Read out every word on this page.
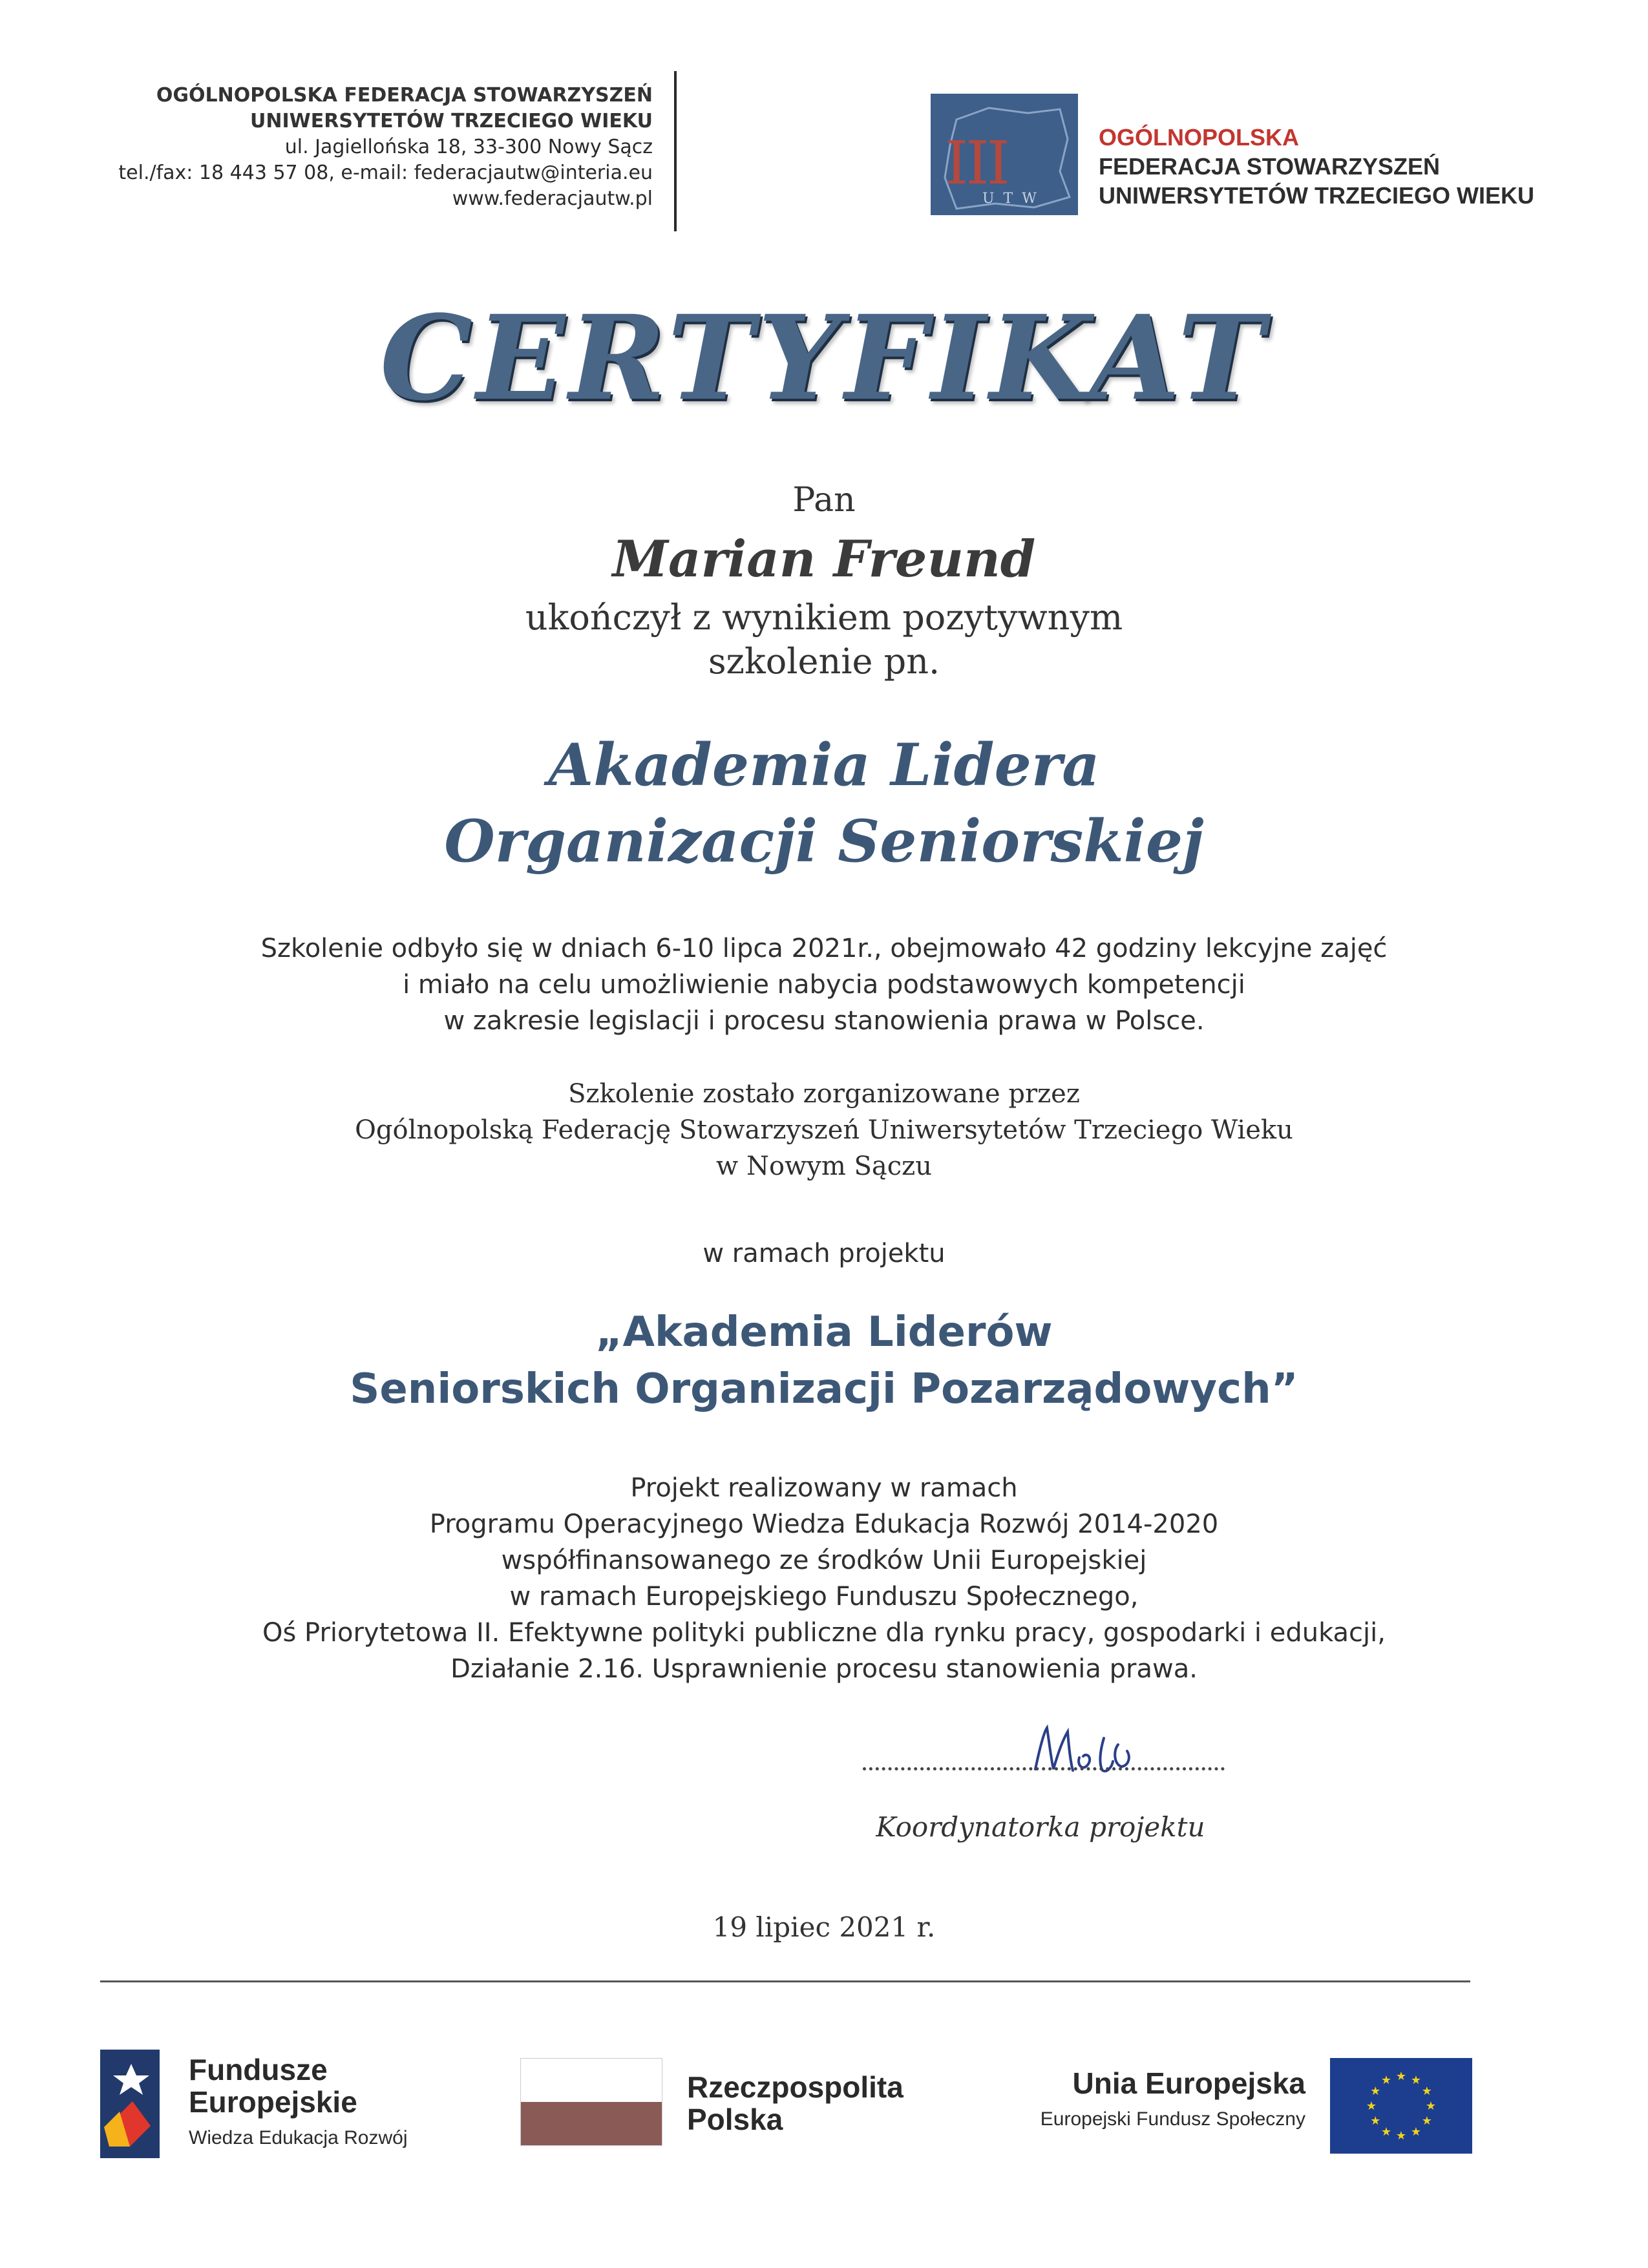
OGÓLNOPOLSKA FEDERACJA STOWARZYSZEŃ
UNIWERSYTETÓW TRZECIEGO WIEKU
ul. Jagiellońska 18, 33-300 Nowy Sącz
tel./fax: 18 443 57 08, e-mail: federacjautw@interia.eu
www.federacjautw.pl
III
UTW
OGÓLNOPOLSKA
FEDERACJA STOWARZYSZEŃ
UNIWERSYTETÓW TRZECIEGO WIEKU
CERTYFIKAT
Pan
Marian Freund
ukończył z wynikiem pozytywnym
szkolenie pn.
Akademia Lidera
Organizacji Seniorskiej
Szkolenie odbyło się w dniach 6-10 lipca 2021r., obejmowało 42 godziny lekcyjne zajęć
i miało na celu umożliwienie nabycia podstawowych kompetencji
w zakresie legislacji i procesu stanowienia prawa w Polsce.
Szkolenie zostało zorganizowane przez
Ogólnopolską Federację Stowarzyszeń Uniwersytetów Trzeciego Wieku
w Nowym Sączu
w ramach projektu
„Akademia Liderów
Seniorskich Organizacji Pozarządowych”
Projekt realizowany w ramach
Programu Operacyjnego Wiedza Edukacja Rozwój 2014-2020
współfinansowanego ze środków Unii Europejskiej
w ramach Europejskiego Funduszu Społecznego,
Oś Priorytetowa II. Efektywne polityki publiczne dla rynku pracy, gospodarki i edukacji,
Działanie 2.16. Usprawnienie procesu stanowienia prawa.
Koordynatorka projektu
19 lipiec 2021 r.
Fundusze
Europejskie
Wiedza Edukacja Rozwój
Rzeczpospolita
Polska
Unia Europejska
Europejski Fundusz Społeczny
★ ★
★
★
★
★
★
★
★
★
★
★
